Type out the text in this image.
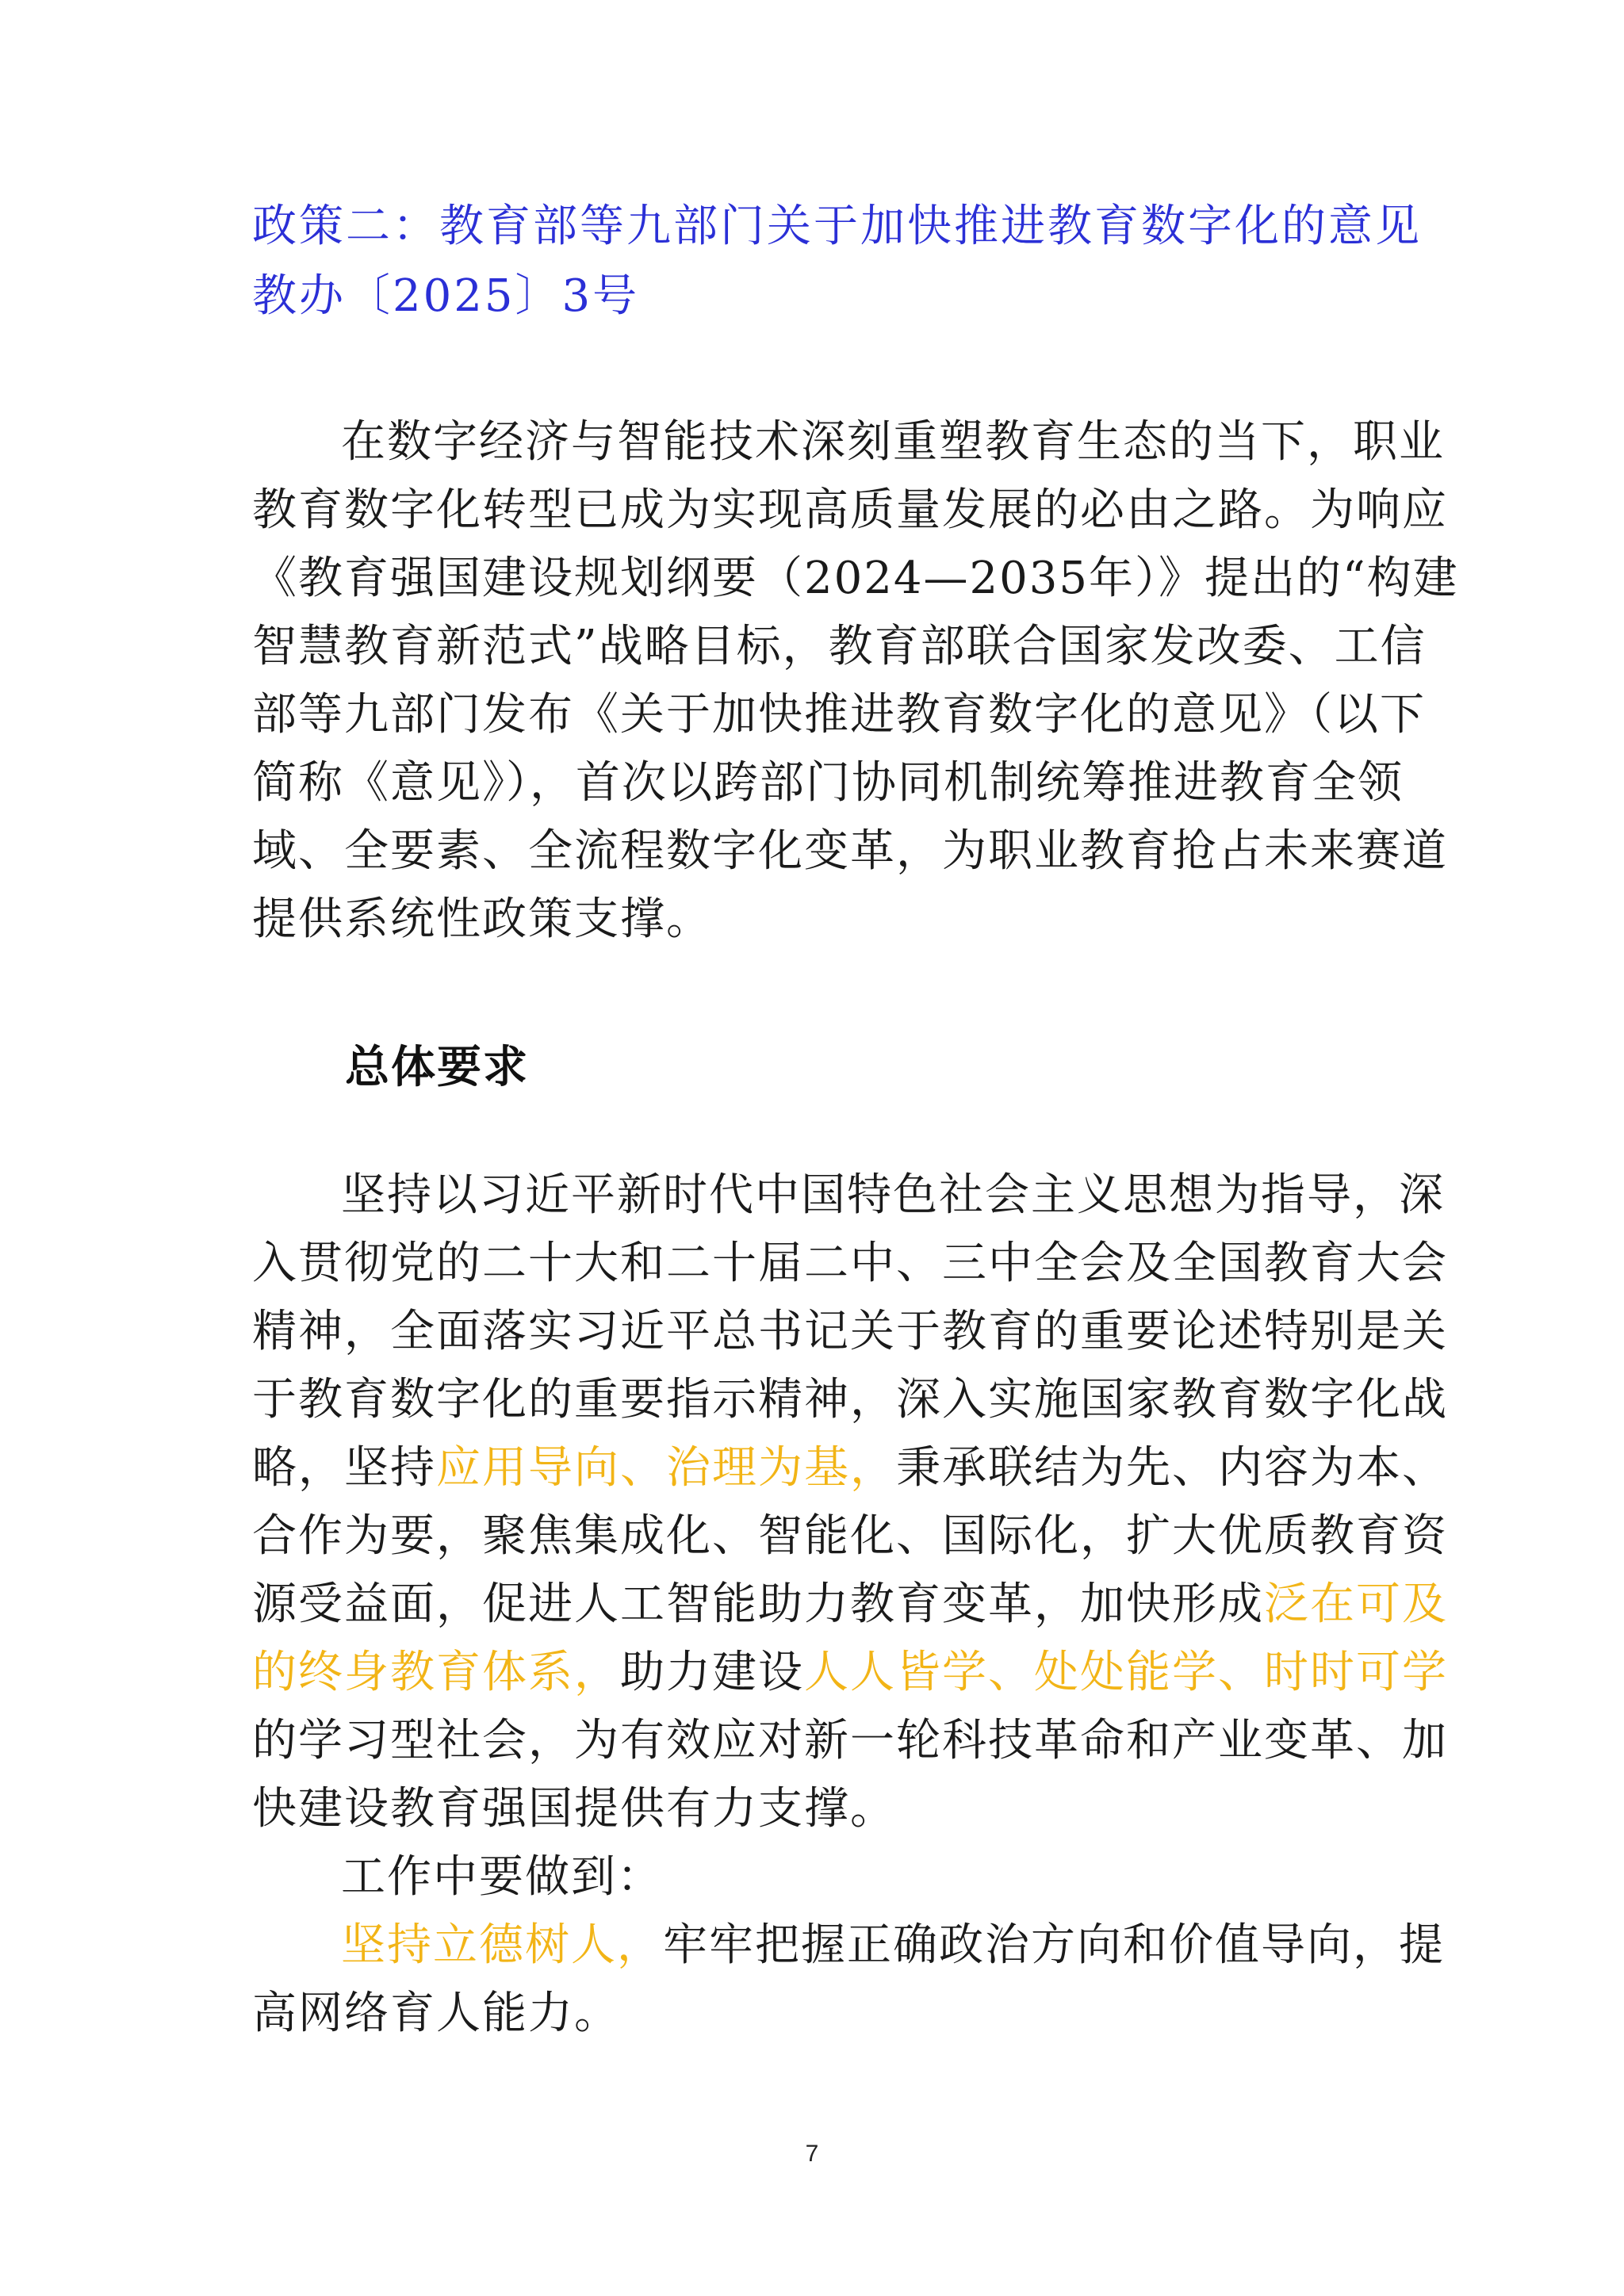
政策二：教育部等九部门关于加快推进教育数字化的意见
教办〔2025〕3号
在数字经济与智能技术深刻重塑教育生态的当下，职业
教育数字化转型已成为实现高质量发展的必由之路。为响应
《教育强国建设规划纲要（2024—2035年）》提出的“构建
智慧教育新范式”战略目标，教育部联合国家发改委、工信
部等九部门发布《关于加快推进教育数字化的意见》（以下
简称《意见》），首次以跨部门协同机制统筹推进教育全领
域、全要素、全流程数字化变革，为职业教育抢占未来赛道
提供系统性政策支撑。
总体要求
坚持以习近平新时代中国特色社会主义思想为指导，深
入贯彻党的二十大和二十届二中、三中全会及全国教育大会
精神，全面落实习近平总书记关于教育的重要论述特别是关
于教育数字化的重要指示精神，深入实施国家教育数字化战
略，坚持应用导向、治理为基，秉承联结为先、内容为本、
合作为要，聚焦集成化、智能化、国际化，扩大优质教育资
源受益面，促进人工智能助力教育变革，加快形成泛在可及
的终身教育体系，助力建设人人皆学、处处能学、时时可学
的学习型社会，为有效应对新一轮科技革命和产业变革、加
快建设教育强国提供有力支撑。
工作中要做到：
坚持立德树人，牢牢把握正确政治方向和价值导向，提
高网络育人能力。
7
